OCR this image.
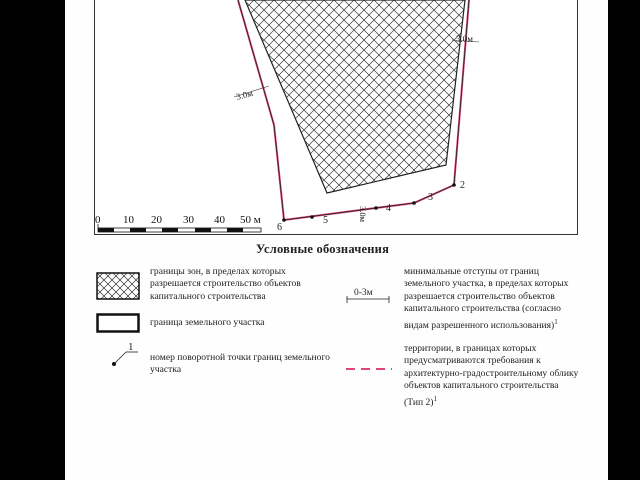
3.0м
3.0м
3.0м
2
3
4
5
6
0 10 20 30 40 50 м
Условные обозначения
границы зон, в пределах которых разрешается строительство объектов капитального строительства
граница земельного участка
1
номер поворотной точки границ земельного участка
0-3м
минимальные отступы от границ земельного участка, в пределах которых разрешается строительство объектов капитального строительства (согласно видам разрешенного использования)$^1$
территории, в границах которых предусматриваются требования к архитектурно-градостроительному облику объектов капитального строительства (Тип 2)$^1$
